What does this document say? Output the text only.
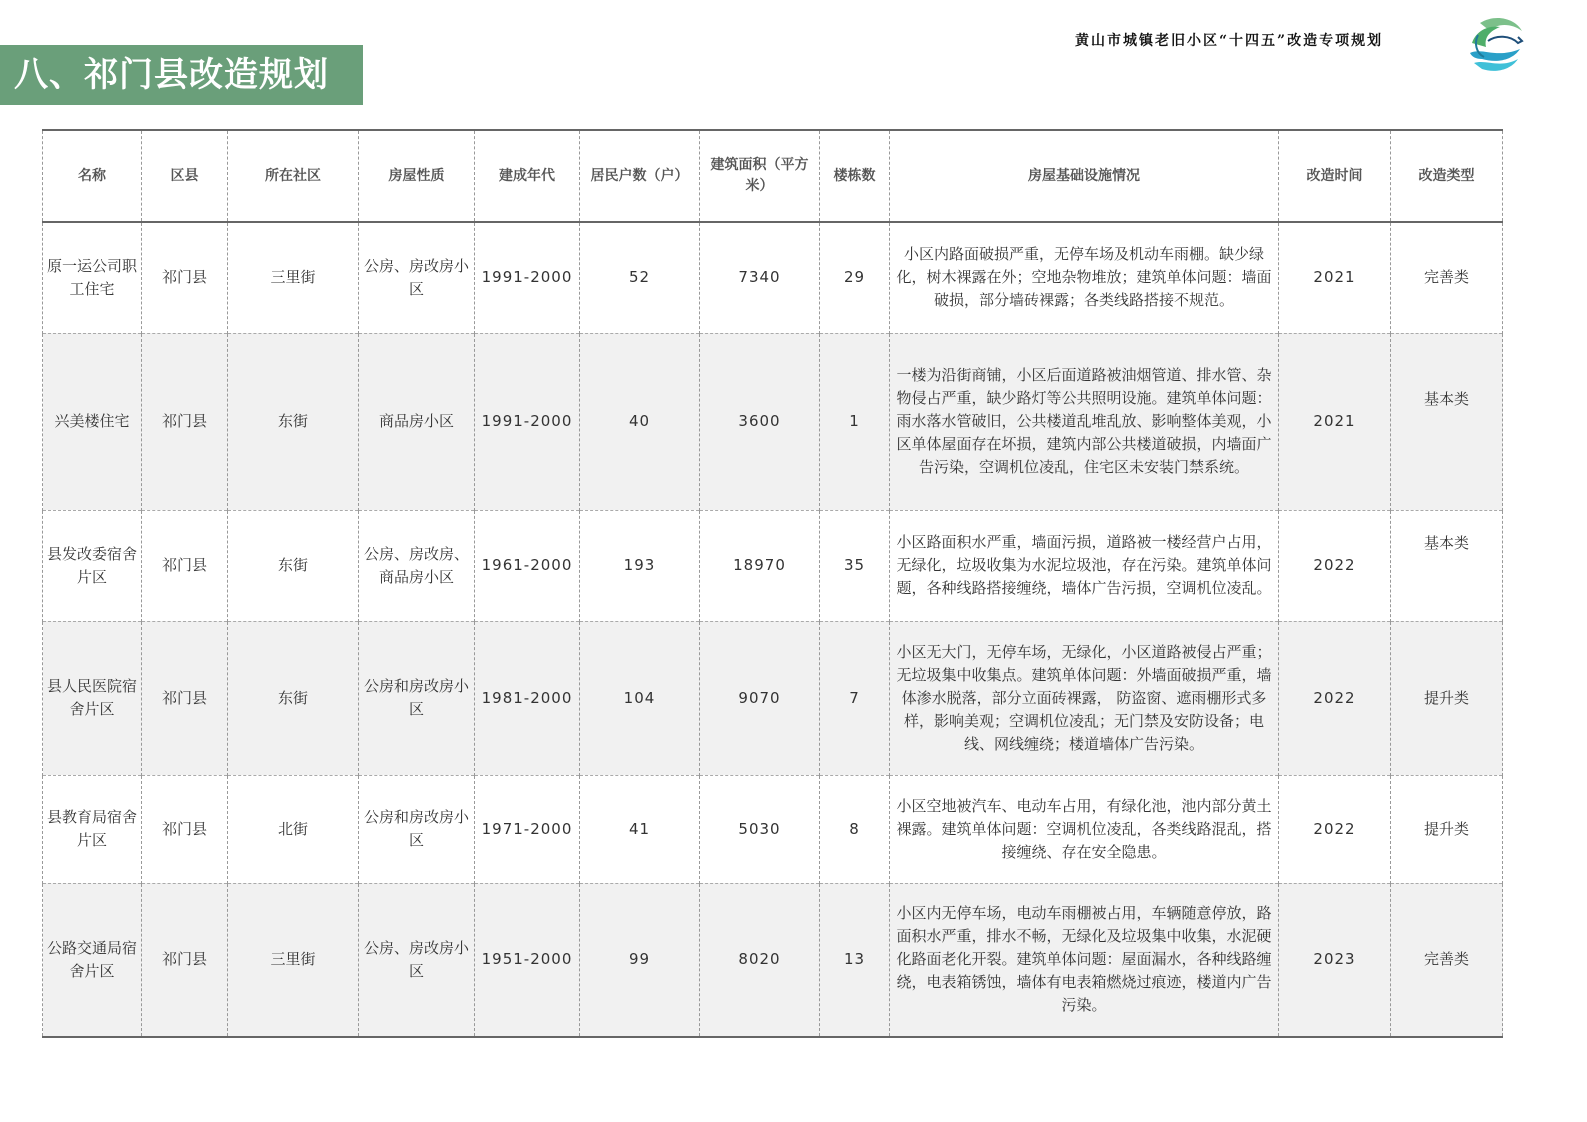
八、祁门县改造规划
黄山市城镇老旧小区“十四五”改造专项规划
名称	区县	所在社区	房屋性质	建成年代	居民户数（户）	建筑面积（平方米）	楼栋数	房屋基础设施情况	改造时间	改造类型
原一运公司职工住宅	祁门县	三里街	公房、房改房小区	1991-2000	52	7340	29	小区内路面破损严重，无停车场及机动车雨棚。缺少绿化，树木裸露在外；空地杂物堆放；建筑单体问题：墙面破损，部分墙砖裸露；各类线路搭接不规范。	2021	完善类
兴美楼住宅	祁门县	东街	商品房小区	1991-2000	40	3600	1	一楼为沿街商铺，小区后面道路被油烟管道、排水管、杂物侵占严重，缺少路灯等公共照明设施。建筑单体问题：雨水落水管破旧，公共楼道乱堆乱放、影响整体美观，小区单体屋面存在坏损，建筑内部公共楼道破损，内墙面广告污染，空调机位凌乱，住宅区未安装门禁系统。	2021	基本类
县发改委宿舍片区	祁门县	东街	公房、房改房、商品房小区	1961-2000	193	18970	35	小区路面积水严重，墙面污损，道路被一楼经营户占用，无绿化，垃圾收集为水泥垃圾池，存在污染。建筑单体问题，各种线路搭接缠绕，墙体广告污损，空调机位凌乱。	2022	基本类
县人民医院宿舍片区	祁门县	东街	公房和房改房小区	1981-2000	104	9070	7	小区无大门，无停车场，无绿化，小区道路被侵占严重；无垃圾集中收集点。建筑单体问题：外墙面破损严重，墙体渗水脱落，部分立面砖裸露， 防盗窗、遮雨棚形式多样，影响美观；空调机位凌乱；无门禁及安防设备；电线、网线缠绕；楼道墙体广告污染。	2022	提升类
县教育局宿舍片区	祁门县	北街	公房和房改房小区	1971-2000	41	5030	8	小区空地被汽车、电动车占用，有绿化池，池内部分黄土裸露。建筑单体问题：空调机位凌乱，各类线路混乱，搭接缠绕、存在安全隐患。	2022	提升类
公路交通局宿舍片区	祁门县	三里街	公房、房改房小区	1951-2000	99	8020	13	小区内无停车场，电动车雨棚被占用，车辆随意停放，路面积水严重，排水不畅，无绿化及垃圾集中收集，水泥硬化路面老化开裂。建筑单体问题：屋面漏水，各种线路缠绕，电表箱锈蚀，墙体有电表箱燃烧过痕迹，楼道内广告污染。	2023	完善类
